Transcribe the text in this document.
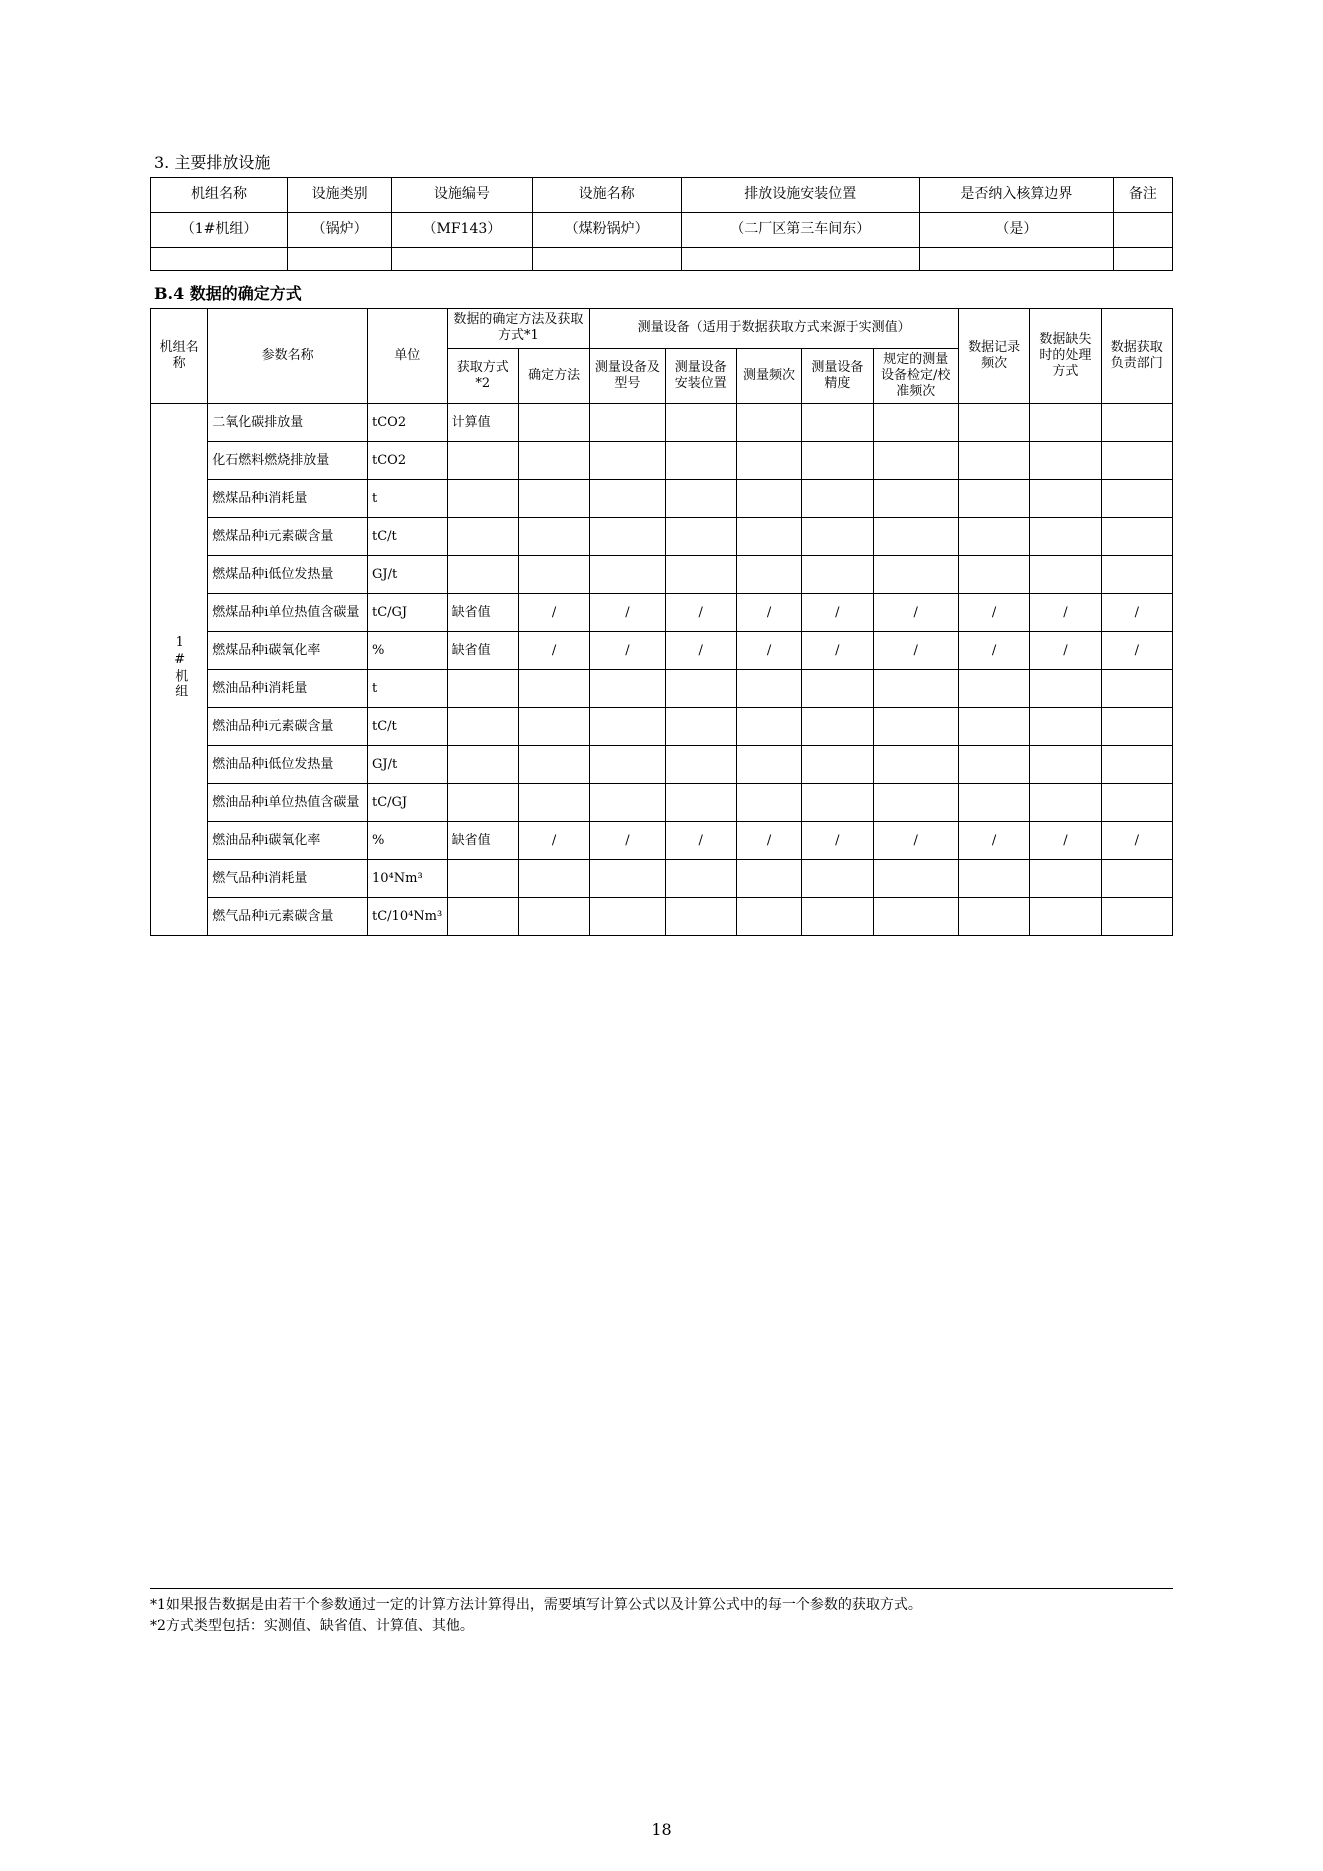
3. 主要排放设施
机组名称	设施类别	设施编号	设施名称	排放设施安装位置	是否纳入核算边界	备注
（1#机组）	（锅炉）	（MF143）	（煤粉锅炉）	（二厂区第三车间东）	（是）	

B.4 数据的确定方式
机组名称	参数名称	单位	数据的确定方法及获取方式*1		测量设备（适用于数据获取方式来源于实测值）					数据记录频次	数据缺失时的处理方式	数据获取负责部门
			获取方式*2	确定方法	测量设备及型号	测量设备安装位置	测量频次	测量设备精度	规定的测量设备检定/校准频次			
1#机组	二氧化碳排放量	tCO2	计算值									
	化石燃料燃烧排放量	tCO2										
	燃煤品种i消耗量	t										
	燃煤品种i元素碳含量	tC/t										
	燃煤品种i低位发热量	GJ/t										
	燃煤品种i单位热值含碳量	tC/GJ	缺省值	/	/	/	/	/	/	/	/	/
	燃煤品种i碳氧化率	%	缺省值	/	/	/	/	/	/	/	/	/
	燃油品种i消耗量	t										
	燃油品种i元素碳含量	tC/t										
	燃油品种i低位发热量	GJ/t										
	燃油品种i单位热值含碳量	tC/GJ										
	燃油品种i碳氧化率	%	缺省值	/	/	/	/	/	/	/	/	/
	燃气品种i消耗量	10⁴Nm³										
	燃气品种i元素碳含量	tC/10⁴Nm³										
*1如果报告数据是由若干个参数通过一定的计算方法计算得出，需要填写计算公式以及计算公式中的每一个参数的获取方式。
*2方式类型包括：实测值、缺省值、计算值、其他。
18
